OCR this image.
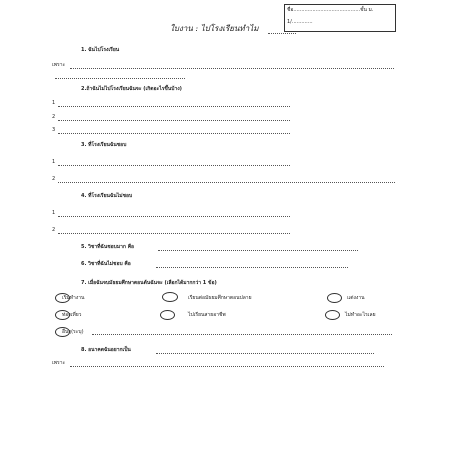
ชื่อ..........................................ชั้น ม.
1/.............
ใบงาน : ไปโรงเรียนทำไม
1. ฉันไปโรงเรียน
เพราะ
2.ถ้าฉันไม่ไปโรงเรียนฉันจะ (เกิดอะไรขึ้นบ้าง)
1
2
3
3. ที่โรงเรียนฉันชอบ
1
2
4. ที่โรงเรียนฉันไม่ชอบ
1
2
5. วิชาที่ฉันชอบมาก คือ
6. วิชาที่ฉันไม่ชอบ คือ
7. เมื่อฉันจบมัธยมศึกษาตอนต้นฉันจะ (เลือกได้มากกว่า 1 ข้อ)
เริ่มทำงาน	เรียนต่อมัธยมศึกษาตอนปลาย	แต่งงาน
ท่องเที่ยว	ไปเรียนสายอาชีพ	ไม่ทำอะไรเลย
อื่นๆ(ระบุ)
8. อนาคตฉันอยากเป็น
เพราะ
